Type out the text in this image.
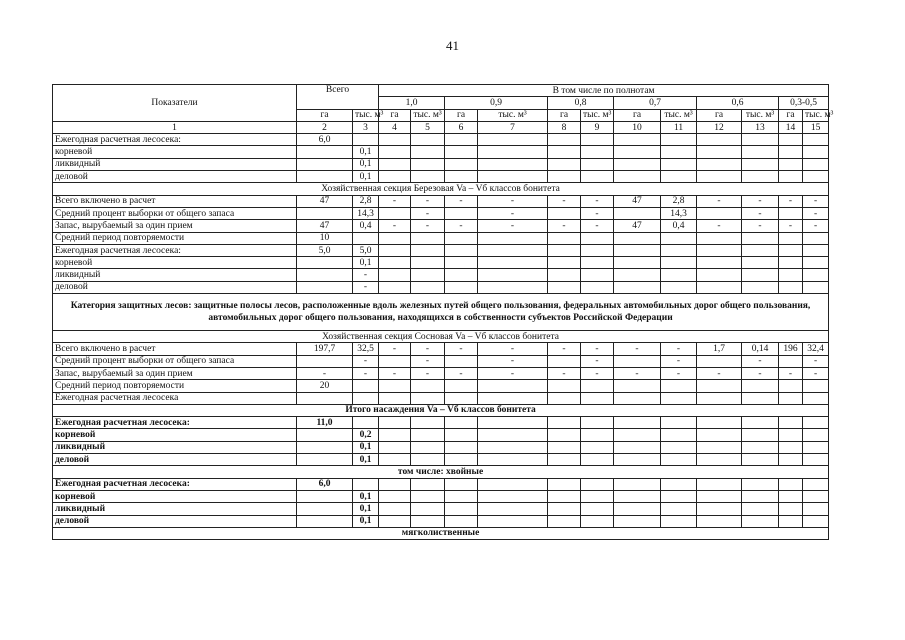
41
Показатели	Всего		В том числе по полнотам											
			1,0		0,9		0,8		0,7		0,6		0,3-0,5	
	га	тыс. м³	га	тыс. м³	га	тыс. м³	га	тыс. м³	га	тыс. м³	га	тыс. м³	га	тыс. м³
1	2	3	4	5	6	7	8	9	10	11	12	13	14	15
Ежегодная расчетная лесосека:	6,0													
корневой		0,1												
ликвидный		0,1												
деловой		0,1												
Хозяйственная секция Березовая Va – Vб классов бонитета														
Всего включено в расчет	47	2,8	-	-	-	-	-	-	47	2,8	-	-	-	-
Средний процент выборки от общего запаса		14,3		-		-		-		14,3		-		-
Запас, вырубаемый за один прием	47	0,4	-	-	-	-	-	-	47	0,4	-	-	-	-
Средний период повторяемости	10													
Ежегодная расчетная лесосека:	5,0	5,0												
корневой		0,1												
ликвидный		-												
деловой		-												
Категория защитных лесов: защитные полосы лесов, расположенные вдоль железных путей общего пользования, федеральных автомобильных дорог общего пользования, автомобильных дорог общего пользования, находящихся в собственности субъектов Российской Федерации														
Хозяйственная секция Сосновая Va – Vб классов бонитета														
Всего включено в расчет	197,7	32,5	-	-	-	-	-	-	-	-	1,7	0,14	196	32,4
Средний процент выборки от общего запаса		-		-		-		-		-		-		-
Запас, вырубаемый за один прием	-	-	-	-	-	-	-	-	-	-	-	-	-	-
Средний период повторяемости	20													
Ежегодная расчетная лесосека														
Итого насаждения Va – Vб классов бонитета														
Ежегодная расчетная лесосека:	11,0													
корневой		0,2												
ликвидный		0,1												
деловой		0,1												
том числе: хвойные														
Ежегодная расчетная лесосека:	6,0													
корневой		0,1												
ликвидный		0,1												
деловой		0,1												
мягколиственные														
